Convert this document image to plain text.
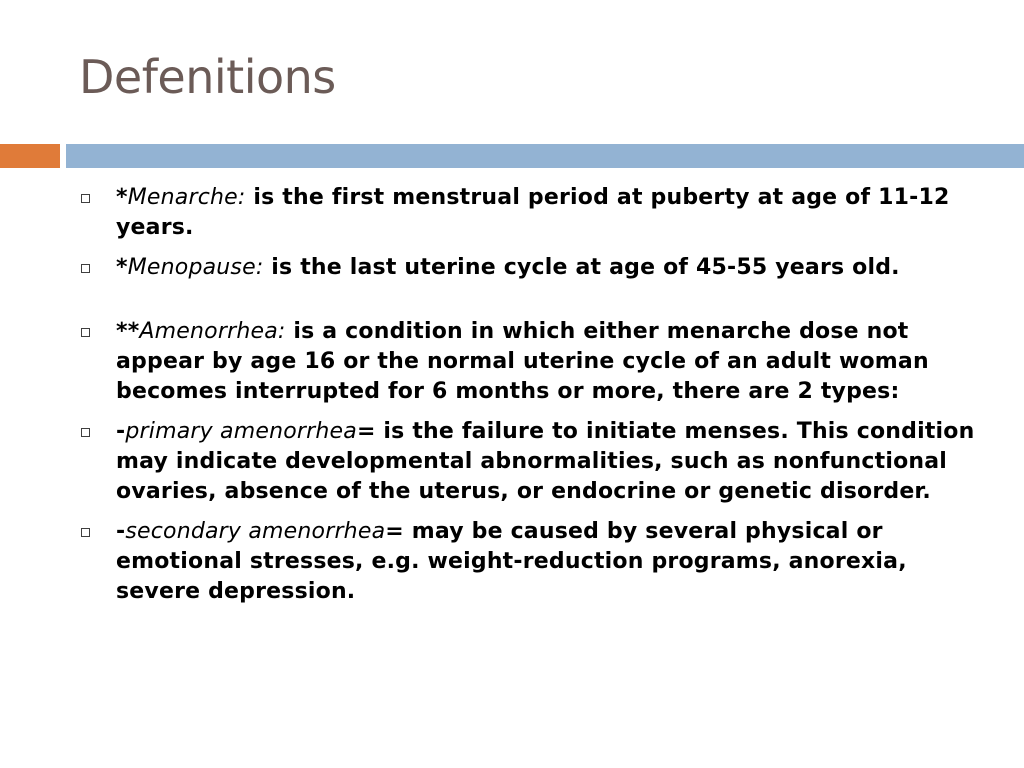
Defenitions
*Menarche: is the first menstrual period at puberty at age of 11-12 years.
*Menopause: is the last uterine cycle at age of 45-55 years old.
**Amenorrhea: is a condition in which either menarche dose not appear by age 16 or the normal uterine cycle of an adult woman becomes interrupted for 6 months or more, there are 2 types:
-primary amenorrhea= is the failure to initiate menses. This condition may indicate developmental abnormalities, such as nonfunctional ovaries, absence of the uterus, or endocrine or genetic disorder.
-secondary amenorrhea= may be caused by several physical or emotional stresses, e.g. weight-reduction programs, anorexia, severe depression.
